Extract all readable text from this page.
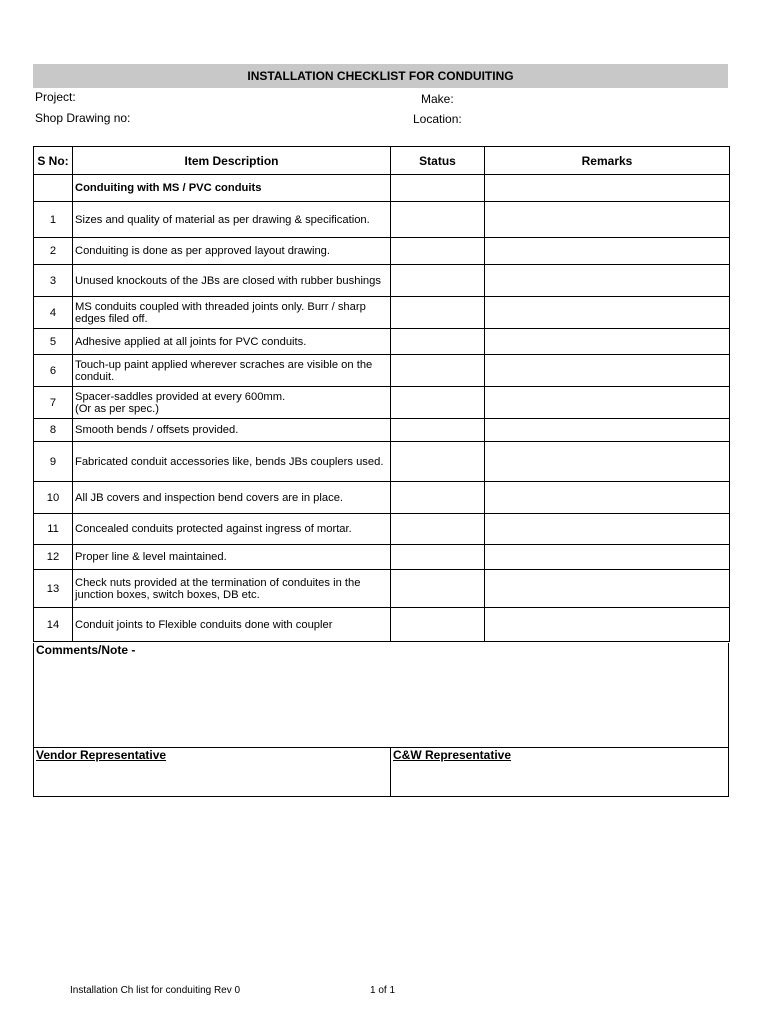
INSTALLATION CHECKLIST FOR CONDUITING
Project:	Make:
Shop Drawing no:	Location:
S No:	Item Description	Status	Remarks
	Conduiting with MS / PVC conduits		
1	Sizes and quality of material as per drawing & specification.		
2	Conduiting is done as per approved layout drawing.		
3	Unused knockouts of the JBs are closed with rubber bushings		
4	MS conduits coupled with threaded joints only. Burr / sharp edges filed off.		
5	Adhesive applied at all joints for PVC conduits.		
6	Touch-up paint applied wherever scraches are visible on the conduit.		
7	Spacer-saddles provided at every 600mm.
(Or as per spec.)		
8	Smooth bends / offsets provided.		
9	Fabricated conduit accessories like, bends JBs couplers used.		
10	All JB covers and inspection bend covers are in place.		
11	Concealed conduits protected against ingress of mortar.		
12	Proper line & level maintained.		
13	Check nuts provided at the termination of conduites in the junction boxes, switch boxes, DB etc.		
14	Conduit joints to Flexible conduits done with coupler		
Comments/Note -
Vendor Representative	C&W Representative
Installation Ch list for conduiting Rev 0	1 of 1
